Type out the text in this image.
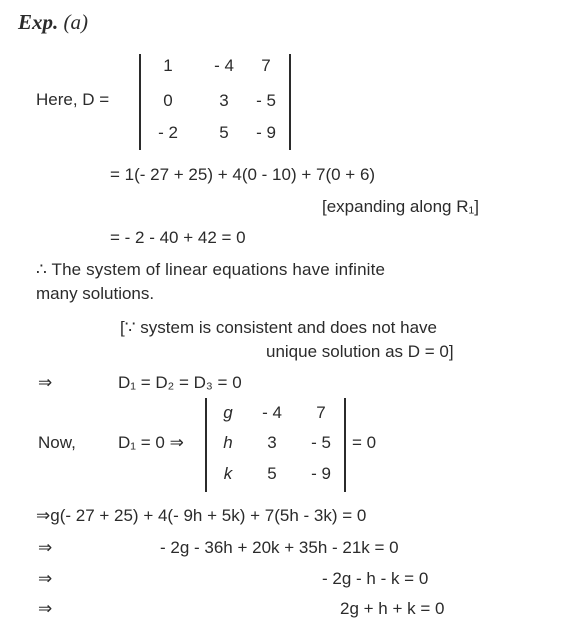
Exp. (a)
Here, D =
1	- 4	7
0	3	- 5
- 2	5	- 9
= 1(- 27 + 25) + 4(0 - 10) + 7(0 + 6)
[expanding along R₁]
= - 2 - 40 + 42 = 0
∴ The system of linear equations have infinite
many solutions.
[∵ system is consistent and does not have
unique solution as D = 0]
⇒	D₁ = D₂ = D₃ = 0
Now, D₁ = 0 ⇒
g	- 4	7
h	3	- 5
k	5	- 9
= 0
⇒g(- 27 + 25) + 4(- 9h + 5k) + 7(5h - 3k) = 0
⇒	- 2g - 36h + 20k + 35h - 21k = 0
⇒	- 2g - h - k = 0
⇒	2g + h + k = 0
